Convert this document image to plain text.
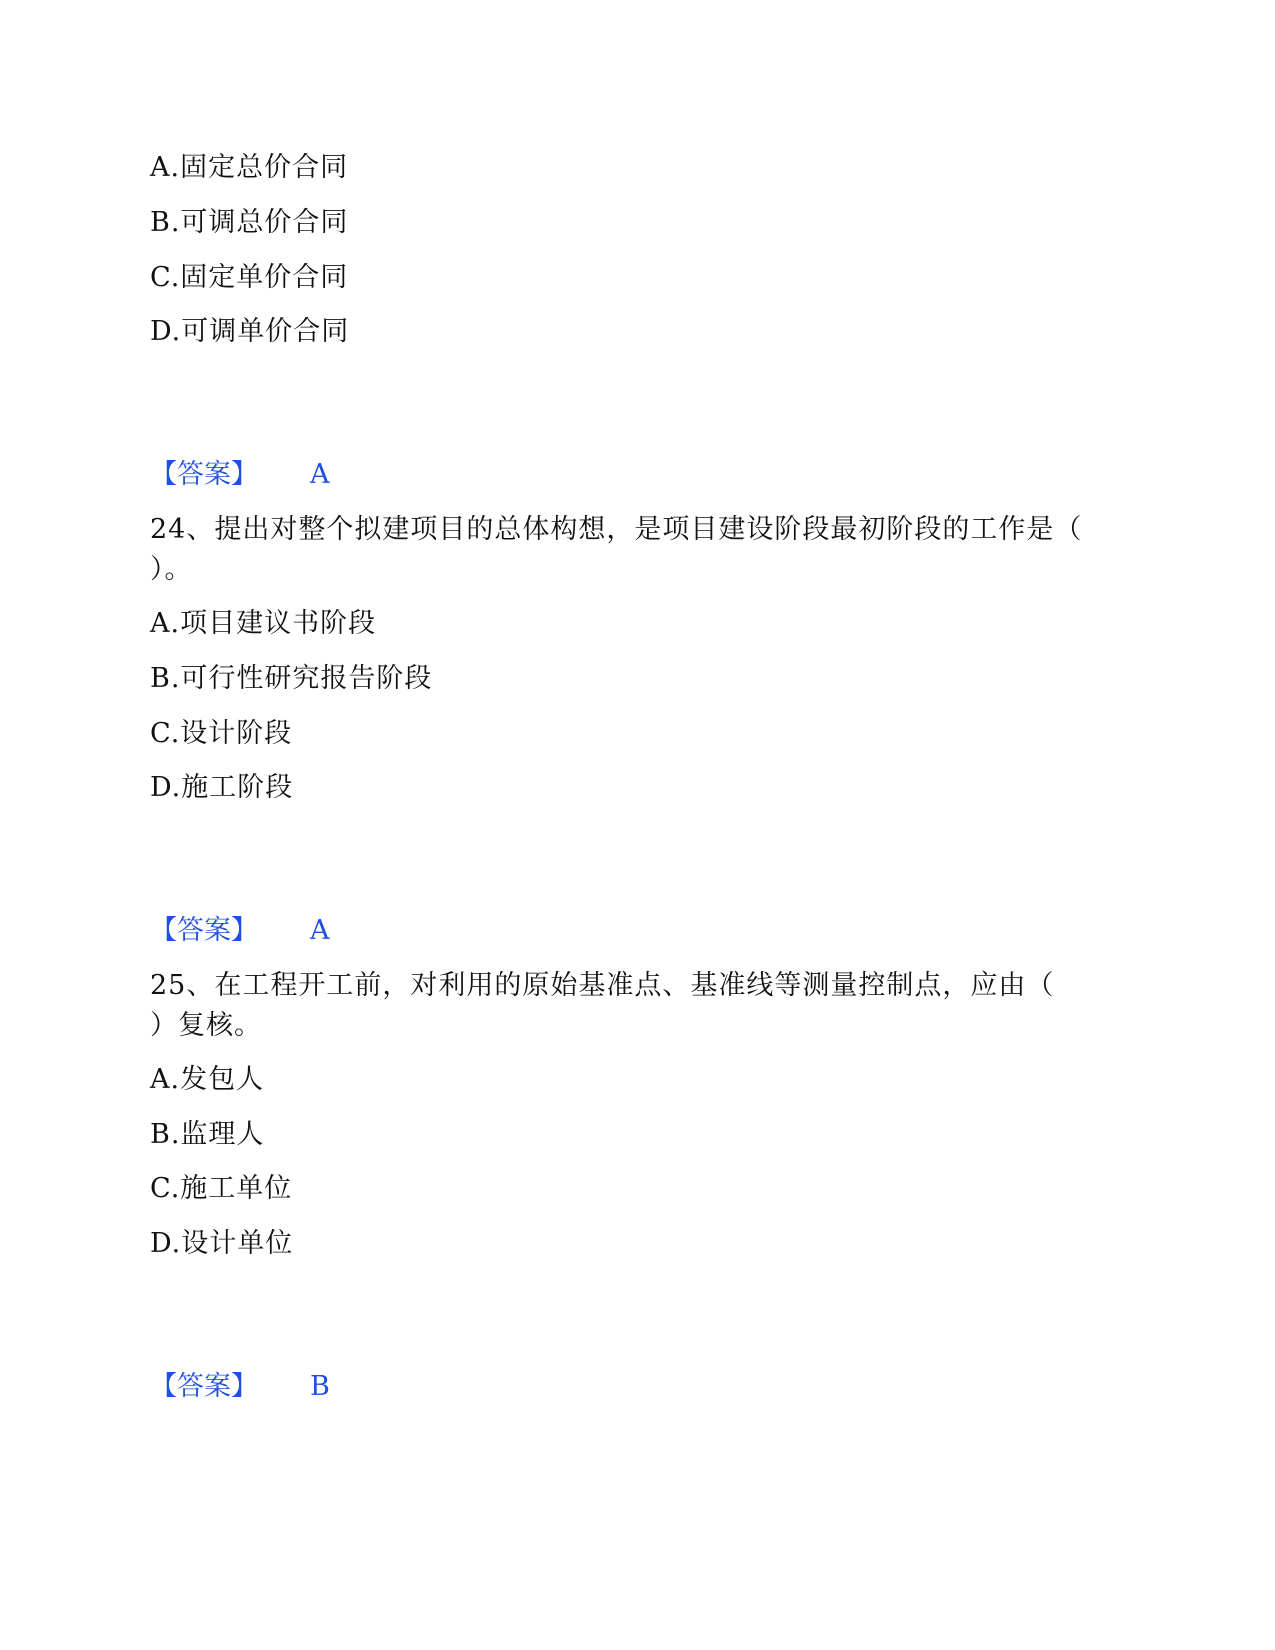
A.固定总价合同
B.可调总价合同
C.固定单价合同
D.可调单价合同
【答案】 A
24、提出对整个拟建项目的总体构想，是项目建设阶段最初阶段的工作是（
）。
A.项目建议书阶段
B.可行性研究报告阶段
C.设计阶段
D.施工阶段
【答案】 A
25、在工程开工前，对利用的原始基准点、基准线等测量控制点，应由（
）复核。
A.发包人
B.监理人
C.施工单位
D.设计单位
【答案】 B
